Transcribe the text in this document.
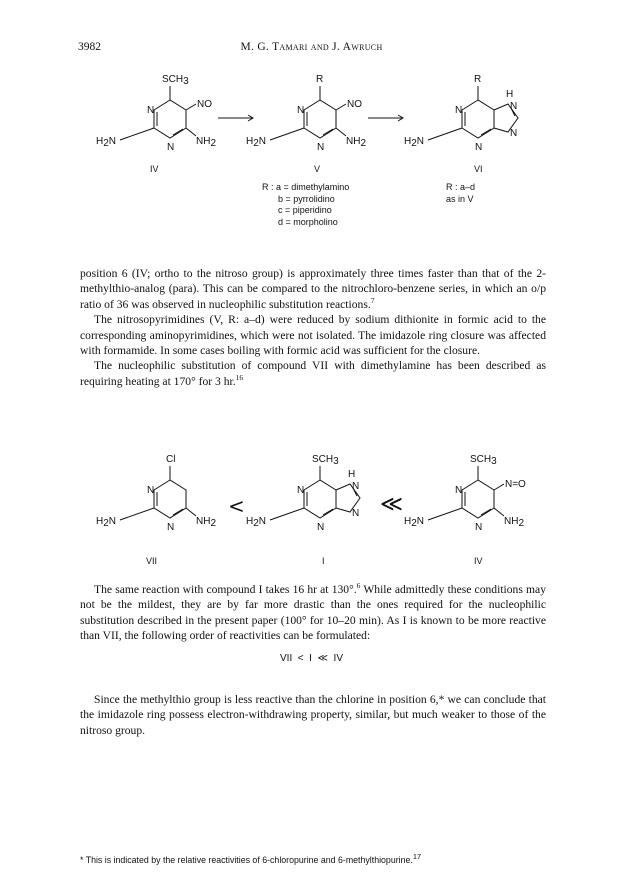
3982	M. G. Tamari and J. Awruch
SCH3
N
NO
H2N
N
NH2
R
N
NO
H2N
N
NH2
R
N
H
N
N
H2N
N
IV	V	VI
R : a = dimethylamino
b = pyrrolidino
c = piperidino
d = morpholino
R : a–d
as in V

position 6 (IV; ortho to the nitroso group) is approximately three times faster than that of the 2-methylthio-analog (para). This can be compared to the nitrochloro-benzene series, in which an o/p ratio of 36 was observed in nucleophilic substitution reactions.$^7$

The nitrosopyrimidines (V, R: a–d) were reduced by sodium dithionite in formic acid to the corresponding aminopyrimidines, which were not isolated. The imidazole ring closure was affected with formamide. In some cases boiling with formic acid was sufficient for the closure.

The nucleophilic substitution of compound VII with dimethylamine has been described as requiring heating at 170° for 3 hr.$^{16}$

Cl
N
H2N
N
NH2
SCH3
N
H
N
N
H2N
N
SCH3
N
N=O
H2N
N
NH2
<	≪
VII	I	IV

The same reaction with compound I takes 16 hr at 130°.$^6$ While admittedly these conditions may not be the mildest, they are by far more drastic than the ones required for the nucleophilic substitution described in the present paper (100° for 10–20 min). As I is known to be more reactive than VII, the following order of reactivities can be formulated:

VII  <  I  ≪  IV

Since the methylthio group is less reactive than the chlorine in position 6,* we can conclude that the imidazole ring possess electron-withdrawing property, similar, but much weaker to those of the nitroso group.

* This is indicated by the relative reactivities of 6-chloropurine and 6-methylthiopurine.$^{17}$
